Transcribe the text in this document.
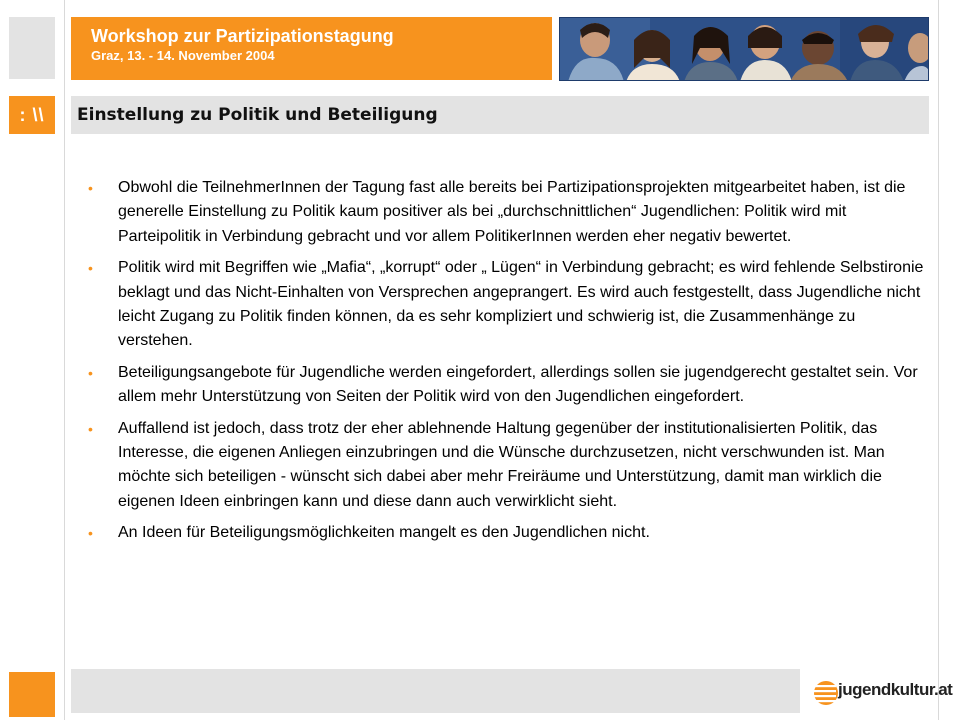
Workshop zur Partizipationstagung
Graz, 13. - 14. November 2004
: \\	Einstellung zu Politik und Beteiligung
• Obwohl die TeilnehmerInnen der Tagung fast alle bereits bei Partizipationsprojekten mitgearbeitet haben, ist die generelle Einstellung zu Politik kaum positiver als bei „durchschnittlichen“ Jugendlichen: Politik wird mit Parteipolitik in Verbindung gebracht und vor allem PolitikerInnen werden eher negativ bewertet.
• Politik wird mit Begriffen wie „Mafia“, „korrupt“ oder „ Lügen“ in Verbindung gebracht; es wird fehlende Selbstironie beklagt und das Nicht-Einhalten von Versprechen angeprangert. Es wird auch festgestellt, dass Jugendliche nicht leicht Zugang zu Politik finden können, da es sehr kompliziert und schwierig ist, die Zusammenhänge zu verstehen.
• Beteiligungsangebote für Jugendliche werden eingefordert, allerdings sollen sie jugendgerecht gestaltet sein. Vor allem mehr Unterstützung von Seiten der Politik wird von den Jugendlichen eingefordert.
• Auffallend ist jedoch, dass trotz der eher ablehnende Haltung gegenüber der institutionalisierten Politik, das Interesse, die eigenen Anliegen einzubringen und die Wünsche durchzusetzen, nicht verschwunden ist. Man möchte sich beteiligen - wünscht sich dabei aber mehr Freiräume und Unterstützung, damit man wirklich die eigenen Ideen einbringen kann und diese dann auch verwirklicht sieht.
• An Ideen für Beteiligungsmöglichkeiten mangelt es den Jugendlichen nicht.
jugendkultur.at
